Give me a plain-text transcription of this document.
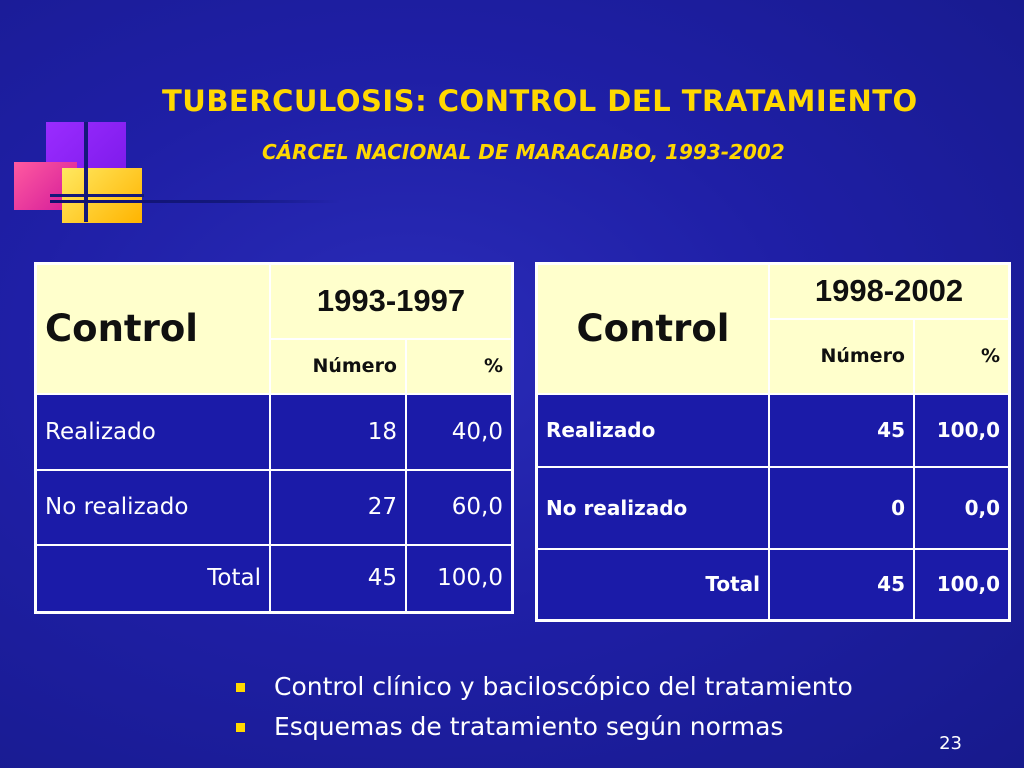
TUBERCULOSIS: CONTROL DEL TRATAMIENTO
CÁRCEL NACIONAL DE MARACAIBO, 1993-2002
Control	1993-1997	
	Número	%
Realizado	18	40,0
No realizado	27	60,0
Total	45	100,0
Control	1998-2002	
	Número	%
Realizado	45	100,0
No realizado	0	0,0
Total	45	100,0
Control clínico y baciloscópico del tratamiento
Esquemas de tratamiento según normas
23
